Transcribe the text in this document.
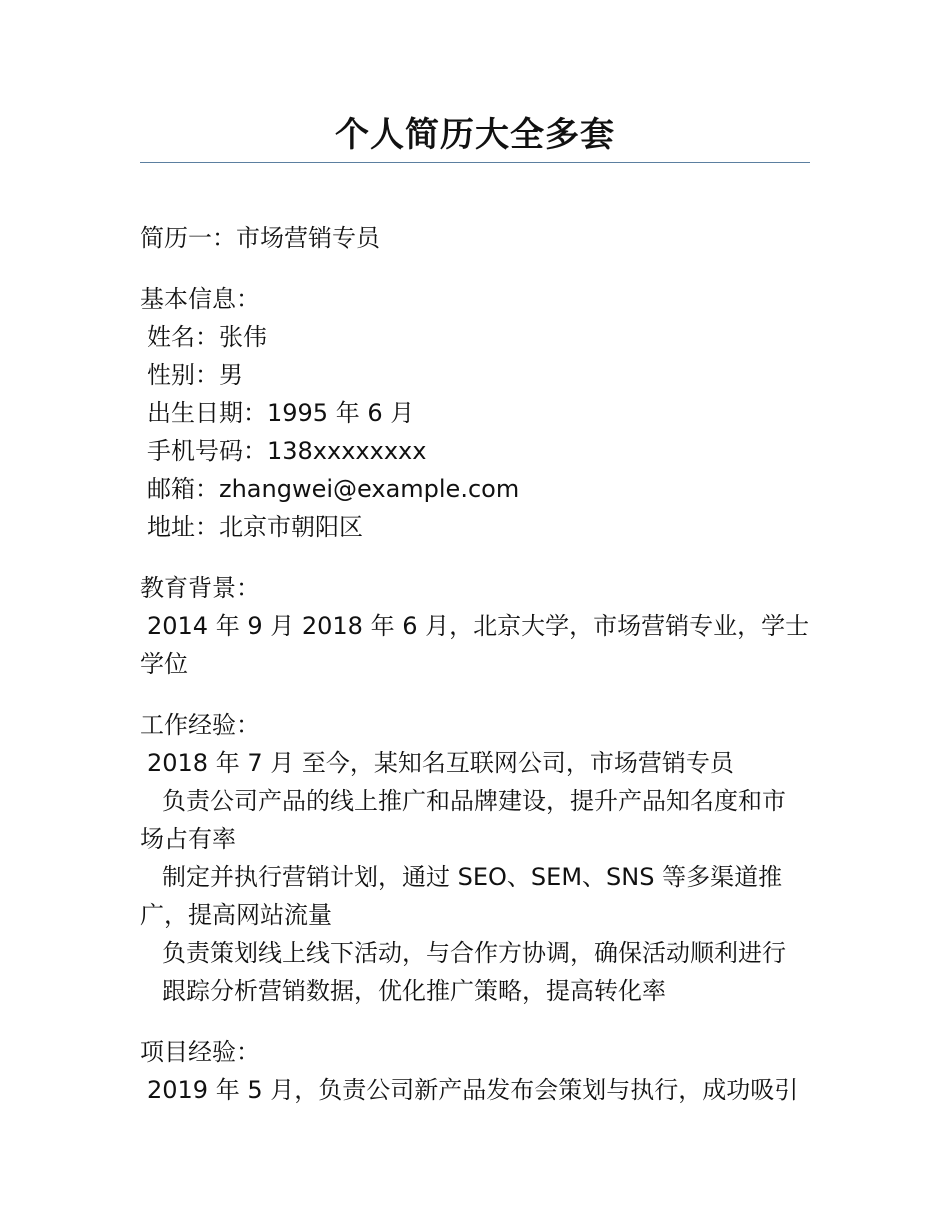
个人简历大全多套

简历一：市场营销专员

基本信息：

姓名：张伟

性别：男

出生日期：1995 年 6 月

手机号码：138xxxxxxxx

邮箱：zhangwei@example.com

地址：北京市朝阳区

教育背景：

2014 年 9 月 2018 年 6 月，北京大学，市场营销专业，学士

学位

工作经验：

2018 年 7 月 至今，某知名互联网公司，市场营销专员

负责公司产品的线上推广和品牌建设，提升产品知名度和市

场占有率

制定并执行营销计划，通过 SEO、SEM、SNS 等多渠道推

广，提高网站流量

负责策划线上线下活动，与合作方协调，确保活动顺利进行

跟踪分析营销数据，优化推广策略，提高转化率

项目经验：

2019 年 5 月，负责公司新产品发布会策划与执行，成功吸引
